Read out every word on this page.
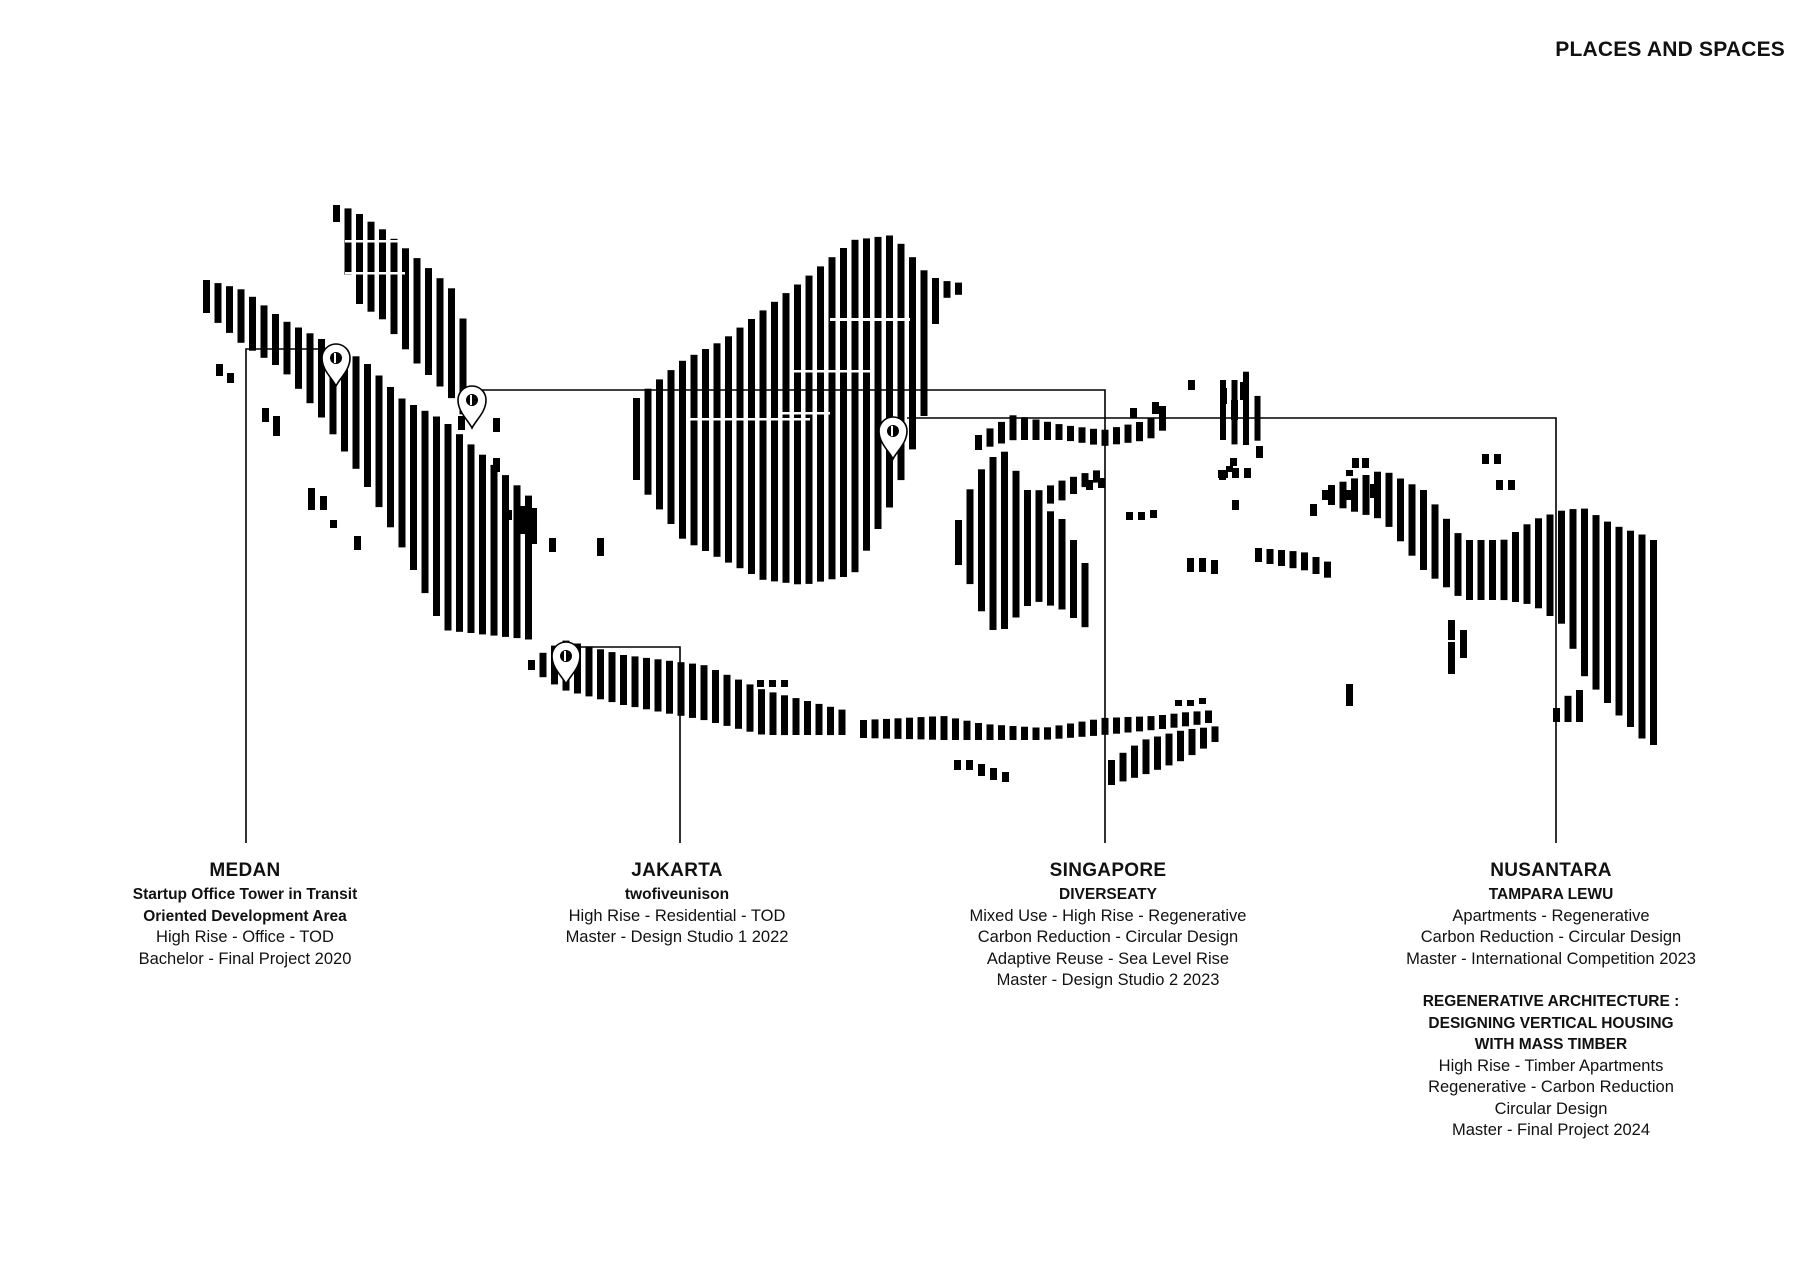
PLACES AND SPACES
MEDAN
Startup Office Tower in Transit
Oriented Development Area
High Rise - Office - TOD
Bachelor - Final Project 2020
JAKARTA
twofiveunison
High Rise - Residential - TOD
Master - Design Studio 1 2022
SINGAPORE
DIVERSEATY
Mixed Use - High Rise - Regenerative
Carbon Reduction - Circular Design
Adaptive Reuse - Sea Level Rise
Master - Design Studio 2 2023
NUSANTARA
TAMPARA LEWU
Apartments - Regenerative
Carbon Reduction - Circular Design
Master - International Competition 2023
REGENERATIVE ARCHITECTURE :
DESIGNING VERTICAL HOUSING
WITH MASS TIMBER
High Rise - Timber Apartments
Regenerative - Carbon Reduction
Circular Design
Master - Final Project 2024
